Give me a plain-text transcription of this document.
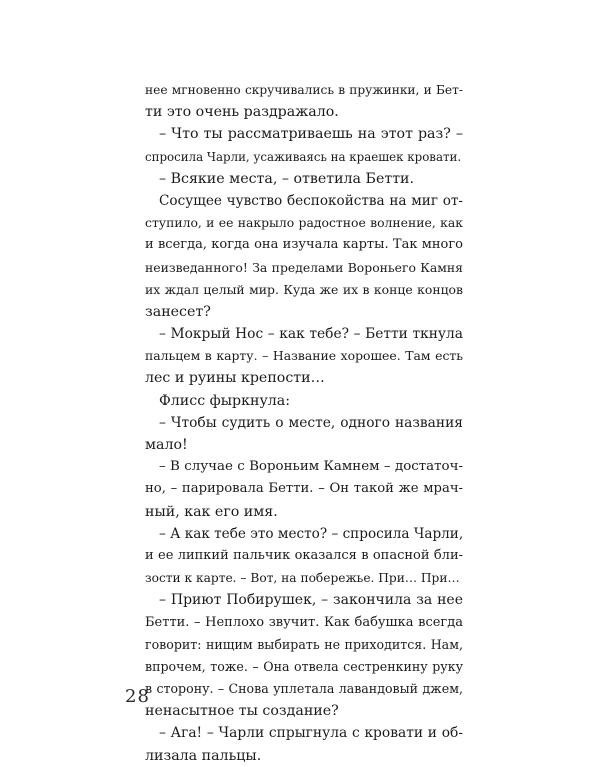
нее мгновенно скручивались в пружинки, и Бет-
ти это очень раздражало.
– Что ты рассматриваешь на этот раз? –
спросила Чарли, усаживаясь на краешек кровати.
– Всякие места, – ответила Бетти.
Сосущее чувство беспокойства на миг от-
ступило, и ее накрыло радостное волнение, как
и всегда, когда она изучала карты. Так много
неизведанного! За пределами Вороньего Камня
их ждал целый мир. Куда же их в конце концов
занесет?
– Мокрый Нос – как тебе? – Бетти ткнула
пальцем в карту. – Название хорошее. Там есть
лес и руины крепости…
Флисс фыркнула:
– Чтобы судить о месте, одного названия
мало!
– В случае с Вороньим Камнем – достаточ-
но, – парировала Бетти. – Он такой же мрач-
ный, как его имя.
– А как тебе это место? – спросила Чарли,
и ее липкий пальчик оказался в опасной бли-
зости к карте. – Вот, на побережье. При… При…
– Приют Побирушек, – закончила за нее
Бетти. – Неплохо звучит. Как бабушка всегда
говорит: нищим выбирать не приходится. Нам,
впрочем, тоже. – Она отвела сестренкину руку
в сторону. – Снова уплетала лавандовый джем,
ненасытное ты создание?
– Ага! – Чарли спрыгнула с кровати и об-
лизала пальцы.
28
